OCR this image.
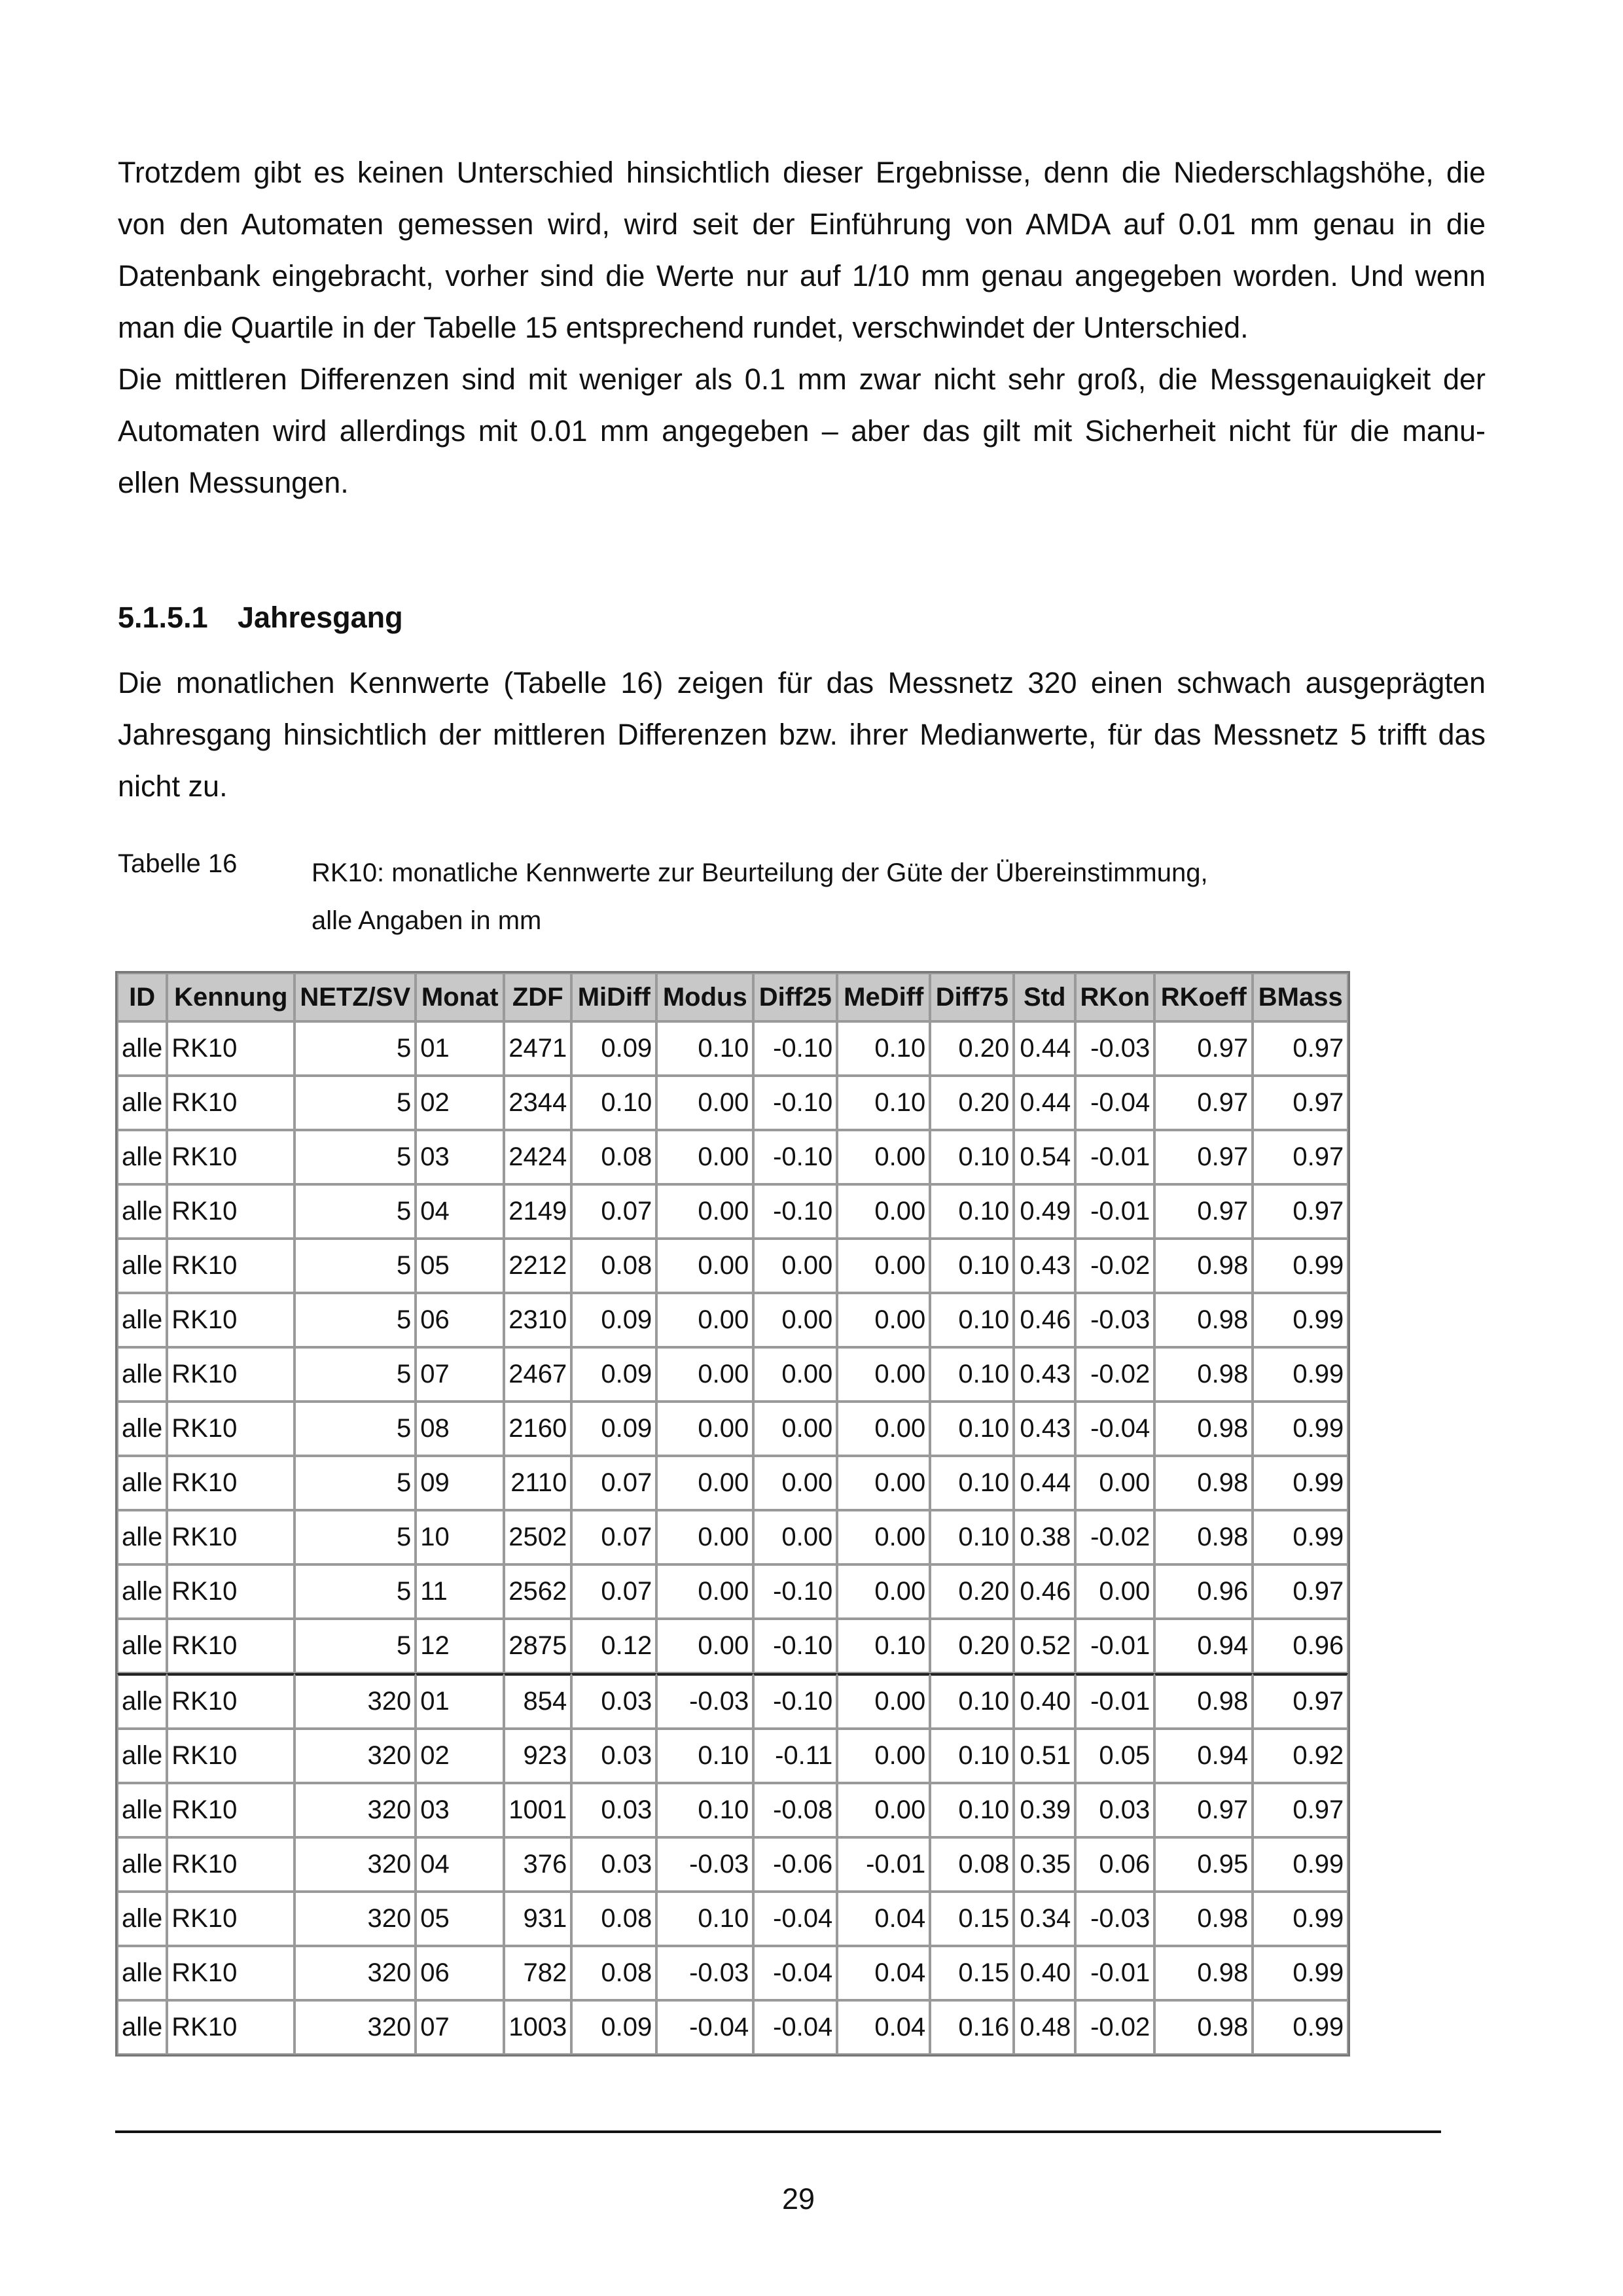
Trotzdem gibt es keinen Unterschied hinsichtlich dieser Ergebnisse, denn die Niederschlagshöhe, die
von den Automaten gemessen wird, wird seit der Einführung von AMDA auf 0.01 mm genau in die
Datenbank eingebracht, vorher sind die Werte nur auf 1/10 mm genau angegeben worden. Und wenn
man die Quartile in der Tabelle 15 entsprechend rundet, verschwindet der Unterschied.
Die mittleren Differenzen sind mit weniger als 0.1 mm zwar nicht sehr groß, die Messgenauigkeit der
Automaten wird allerdings mit 0.01 mm angegeben – aber das gilt mit Sicherheit nicht für die manu-
ellen Messungen.
5.1.5.1 Jahresgang
Die monatlichen Kennwerte (Tabelle 16) zeigen für das Messnetz 320 einen schwach ausgeprägten
Jahresgang hinsichtlich der mittleren Differenzen bzw. ihrer Medianwerte, für das Messnetz 5 trifft das
nicht zu.
Tabelle 16	RK10: monatliche Kennwerte zur Beurteilung der Güte der Übereinstimmung,
alle Angaben in mm
ID	Kennung	NETZ/SV	Monat	ZDF	MiDiff	Modus	Diff25	MeDiff	Diff75	Std	RKon	RKoeff	BMass
alle	RK10	5	01	2471	0.09	0.10	-0.10	0.10	0.20	0.44	-0.03	0.97	0.97
alle	RK10	5	02	2344	0.10	0.00	-0.10	0.10	0.20	0.44	-0.04	0.97	0.97
alle	RK10	5	03	2424	0.08	0.00	-0.10	0.00	0.10	0.54	-0.01	0.97	0.97
alle	RK10	5	04	2149	0.07	0.00	-0.10	0.00	0.10	0.49	-0.01	0.97	0.97
alle	RK10	5	05	2212	0.08	0.00	0.00	0.00	0.10	0.43	-0.02	0.98	0.99
alle	RK10	5	06	2310	0.09	0.00	0.00	0.00	0.10	0.46	-0.03	0.98	0.99
alle	RK10	5	07	2467	0.09	0.00	0.00	0.00	0.10	0.43	-0.02	0.98	0.99
alle	RK10	5	08	2160	0.09	0.00	0.00	0.00	0.10	0.43	-0.04	0.98	0.99
alle	RK10	5	09	2110	0.07	0.00	0.00	0.00	0.10	0.44	0.00	0.98	0.99
alle	RK10	5	10	2502	0.07	0.00	0.00	0.00	0.10	0.38	-0.02	0.98	0.99
alle	RK10	5	11	2562	0.07	0.00	-0.10	0.00	0.20	0.46	0.00	0.96	0.97
alle	RK10	5	12	2875	0.12	0.00	-0.10	0.10	0.20	0.52	-0.01	0.94	0.96
alle	RK10	320	01	854	0.03	-0.03	-0.10	0.00	0.10	0.40	-0.01	0.98	0.97
alle	RK10	320	02	923	0.03	0.10	-0.11	0.00	0.10	0.51	0.05	0.94	0.92
alle	RK10	320	03	1001	0.03	0.10	-0.08	0.00	0.10	0.39	0.03	0.97	0.97
alle	RK10	320	04	376	0.03	-0.03	-0.06	-0.01	0.08	0.35	0.06	0.95	0.99
alle	RK10	320	05	931	0.08	0.10	-0.04	0.04	0.15	0.34	-0.03	0.98	0.99
alle	RK10	320	06	782	0.08	-0.03	-0.04	0.04	0.15	0.40	-0.01	0.98	0.99
alle	RK10	320	07	1003	0.09	-0.04	-0.04	0.04	0.16	0.48	-0.02	0.98	0.99
29
